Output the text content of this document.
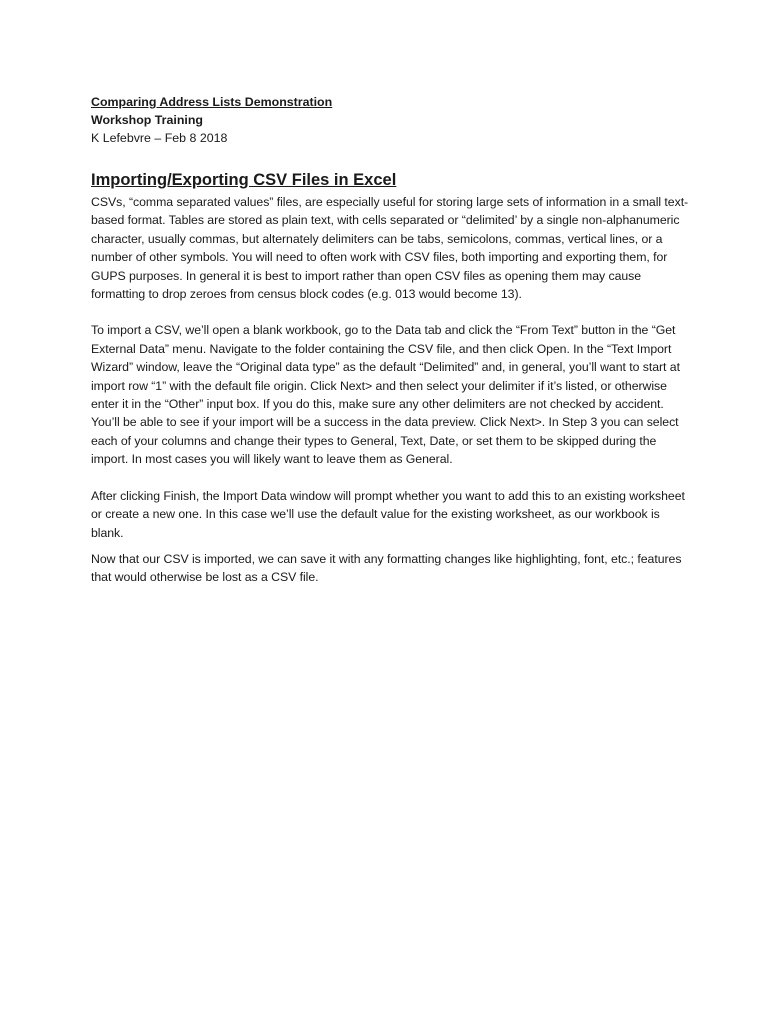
Comparing Address Lists Demonstration

Workshop Training

K Lefebvre – Feb 8 2018

Importing/Exporting CSV Files in Excel

CSVs, “comma separated values” files, are especially useful for storing large sets of information in a small text-based format. Tables are stored as plain text, with cells separated or “delimited’ by a single non-alphanumeric character, usually commas, but alternately delimiters can be tabs, semicolons, commas, vertical lines, or a number of other symbols. You will need to often work with CSV files, both importing and exporting them, for GUPS purposes. In general it is best to import rather than open CSV files as opening them may cause formatting to drop zeroes from census block codes (e.g. 013 would become 13).

To import a CSV, we’ll open a blank workbook, go to the Data tab and click the “From Text” button in the “Get External Data” menu. Navigate to the folder containing the CSV file, and then click Open. In the “Text Import Wizard” window, leave the “Original data type” as the default “Delimited” and, in general, you’ll want to start at import row “1” with the default file origin. Click Next> and then select your delimiter if it’s listed, or otherwise enter it in the “Other” input box. If you do this, make sure any other delimiters are not checked by accident. You’ll be able to see if your import will be a success in the data preview. Click Next>. In Step 3 you can select each of your columns and change their types to General, Text, Date, or set them to be skipped during the import. In most cases you will likely want to leave them as General.

After clicking Finish, the Import Data window will prompt whether you want to add this to an existing worksheet or create a new one. In this case we’ll use the default value for the existing worksheet, as our workbook is blank.

Now that our CSV is imported, we can save it with any formatting changes like highlighting, font, etc.; features that would otherwise be lost as a CSV file.
